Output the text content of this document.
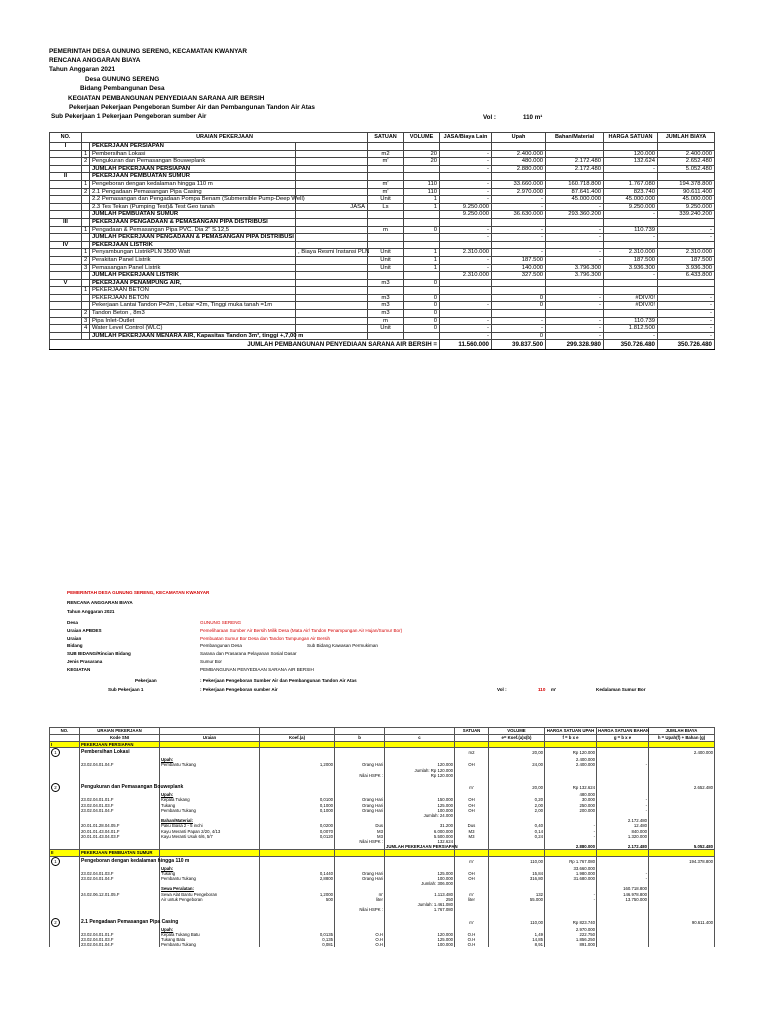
PEMERINTAH DESA GUNUNG SERENG, KECAMATAN KWANYAR
RENCANA ANGGARAN BIAYA
Tahun Anggaran 2021
Desa GUNUNG SERENG
Bidang Pembangunan Desa
KEGIATAN PEMBANGUNAN PENYEDIAAN SARANA AIR BERSIH
Pekerjaan Pekerjaan Pengeboran Sumber Air dan Pembangunan Tandon Air Atas
Sub Pekerjaan 1 Pekerjaan Pengeboran sumber Air	Vol :	110 m¹
NO.	URAIAN PEKERJAAN			SATUAN	VOLUME	JASA/Biaya Lain	Upah	Bahan/Material	HARGA SATUAN	JUMLAH BIAYA
I		PEKERJAAN PERSIAPAN								
	1	Pembersihan Lokasi		m2	20	-	2.400.000		120.000	2.400.000
	2	Pengukuran dan Pemasangan Bouweplank		m'	20	-	480.000	2.172.480	132.624	2.652.480
		JUMLAH PEKERJAAN PERSIAPAN				-	2.880.000	2.172.480	-	5.052.480
II		PEKERJAAN PEMBUATAN SUMUR								
	1	Pengeboran dengan kedalaman hingga 110 m		m'	110	-	33.660.000	160.718.800	1.767.080	194.378.800
	2	2.1 Pengadaan Pemasangan Pipa Casing		m'	110	-	2.970.000	87.641.400	823.740	90.611.400
		2.2 Pemasangan dan Pengadaan Pompa Benam (Submersible Pump-Deep Well)		Unit	1	-	-	45.000.000	45.000.000	45.000.000
		2.3 Tes Tekan (Pumping Test)& Test Geo tanah	JASA	Ls	1	9.250.000	-	-	9.250.000	9.250.000
		JUMLAH PEMBUATAN SUMUR				9.250.000	36.630.000	293.360.200	-	339.240.200
III		PEKERJAAN PENGADAAN & PEMASANGAN PIPA DISTRIBUSI								
	1	Pengadaan & Pemasangan Pipa PVC. Dia 2" S.12,5		m	0	-	-	-	110.739	-
		JUMLAH PEKERJAAN PENGADAAN & PEMASANGAN PIPA DISTRIBUSI				-	-	-	-	-
IV		PEKERJAAN LISTRIK								
	1	Penyambungan ListrikPLN 3500 Watt	, Biaya Resmi Instansi PLN	Unit	1	2.310.000	-	-	2.310.000	2.310.000
	2	Perakitan Panel Listrik		Unit	1	-	187.500	-	187.500	187.500
	3	Pemasangan Panel Listrik		Unit	1	-	140.000	3.796.300	3.936.300	3.936.300
		JUMLAH PEKERJAAN LISTRIK				2.310.000	327.500	3.796.300	-	6.433.800
V		PEKERJAAN PENAMPUNG AIR,		m3	0					
	1	PEKERJAAN BETON								
		PEKERJAAN BETON		m3	0		0	-	#DIV/0!	-
		Pekerjaan Lantai Tandon P=2m , Lebar =2m, Tinggi muka tanah =1m		m3	0	-	0	-	#DIV/0!	-
	2	Tandon Beton , 8m3		m3	0					-
	3	Pipa Inlet-Outlet		m	0	-	-	-	110.739	-
	4	Water Level Control (WLC)		Unit	0	-	-	-	1.812.500	-
		JUMLAH PEKERJAAN MENARA AIR, Kapasitas Tandon 3m³, tinggi +,7,00 m				-	0	-	-	-
JUMLAH PEMBANGUNAN PENYEDIAAN SARANA AIR BERSIH =						11.560.000	39.837.500	299.328.980	350.726.480	350.726.480
PEMERINTAH DESA GUNUNG SERENG, KECAMATAN KWANYAR
RENCANA ANGGARAN BIAYA
Tahun Anggaran 2021
Desa	GUNUNG SERENG
Uraian APBDES	Pemeliharaan Sumber Air Bersih Milik Desa (Mata Air/ Tandon Penampungan Air Hujan/Sumur Bor)
Uraian	Pembuatan Sumur Bor Desa dan Tandon Tampungan Air Bersih
Bidang	Pembangunan Desa	Sub Bidang Kawasan Permukiman
SUB BIDANG/Rincian Bidang	Sarana dan Prasarana Pelayanan Sosial Dasar
Jenis Prasarana	Sumur Bor
KEGIATAN	PEMBANGUNAN PENYEDIAAN SARANA AIR BERSIH
Pekerjaan	: Pekerjaan Pengeboran Sumber Air dan Pembangunan Tandon Air Atas
Sub Pekerjaan 1	: Pekerjaan Pengeboran sumber Air	Vol :	110 m'	Kedalaman Sumur Bor
NO.	URAIAN PEKERJAAN					SATUAN	VOLUME	HARGA SATUAN UPAH	HARGA SATUAN BAHAN	JUMLAH BIAYA
	Kode SNI	Uraian	Koef.(a)	b	c		e= Koef.(a)x(b)	f = b x e	g = b x e	h = Upah(f) + Bahan (g)
I	PEKERJAAN PERSIAPAN									
1	Pembersihan Lokasi					m2	20,00	Rp 120.000		2.400.000
		Upah:						2.400.000		
	23.02.04.01.04.F	Pembantu Tukang	1,2000	Orang Hari	120.000	OH	24,00	2.400.000	-	
					Jumlah: Rp 120.000					
				Nilai HSPK :	Rp 120.000					

2	Pengukuran dan Pemasangan Bouweplank					m'	20,00	Rp 132.624		2.652.480
		Upah:						480.000		
	23.02.04.01.01.F	Kepala Tukang	0,0100	Orang Hari	150.000	OH	0,20	30.000	-	
	23.02.04.01.03.F	Tukang	0,1000	Orang Hari	125.000	OH	2,00	250.000	-	
	23.02.04.01.04.F	Pembantu Tukang	0,1000	Orang Hari	100.000	OH	2,00	200.000	-	
					Jumlah: 24.000					
		Bahan/Material:							2.172.480	
	20.01.01.28.04.05.F	Paku Biasa 2 - 5 inchi	0,0200	Dus	31.200	Dus	0,40	-	12.480	
	20.01.01.43.04.01.F	Kayu Meranti Papan 2/20, 4/13	0,0070	M3	6.000.000	M3	0,14	-	840.000	
	20.01.01.43.04.03.F	Kayu Meranti Usuk 6/6, 5/7	0,0120	M3	5.500.000	M3	0,24	-	1.320.000	
				Nilai HSPK :	132.624					
					JUMLAH PEKERJAAN PERSIAPAN			2.880.000	2.172.480	5.052.480
II	PEKERJAAN PEMBUATAN SUMUR									
1	Pengeboran dengan kedalaman hingga 110 m					m'	110,00	Rp 1.767.080		194.378.800
		Upah:						33.660.000		
	23.02.04.01.03.F	Tukang	0,1440	Orang Hari	125.000	OH	15,84	1.980.000	-	
	23.02.04.01.04.F	Pembantu Tukang	2,8800	Orang Hari	100.000	OH	316,80	31.680.000	-	
					Jumlah: 306.000					
		Sewa Peralatan:							160.718.800	
	24.02.06.12.01.05.F	Sewa Alat Bantu Pengeboran	1,2000	m'	1.113.480	m'	132	-	146.978.800	
		Air untuk Pengeboran	500	liter	250	liter	55.000	-	13.750.000	
					Jumlah: 1.461.080					
				Nilai HSPK :	1.767.080					

2	2.1 Pengadaan Pemasangan Pipa Casing					m'	110,00	Rp 823.740		90.611.400
		Upah:						2.970.000		
	23.02.04.01.01.F	Kepala Tukang Batu	0,0135	O.H	120.000	O.H	1,49	222.750		
	23.02.04.01.03.F	Tukang Batu	0,135	O.H	125.000	O.H	14,85	1.856.250		
	23.02.04.01.04.F	Pembantu Tukang	0,081	O.H	100.000	O.H	8,91	891.000		
